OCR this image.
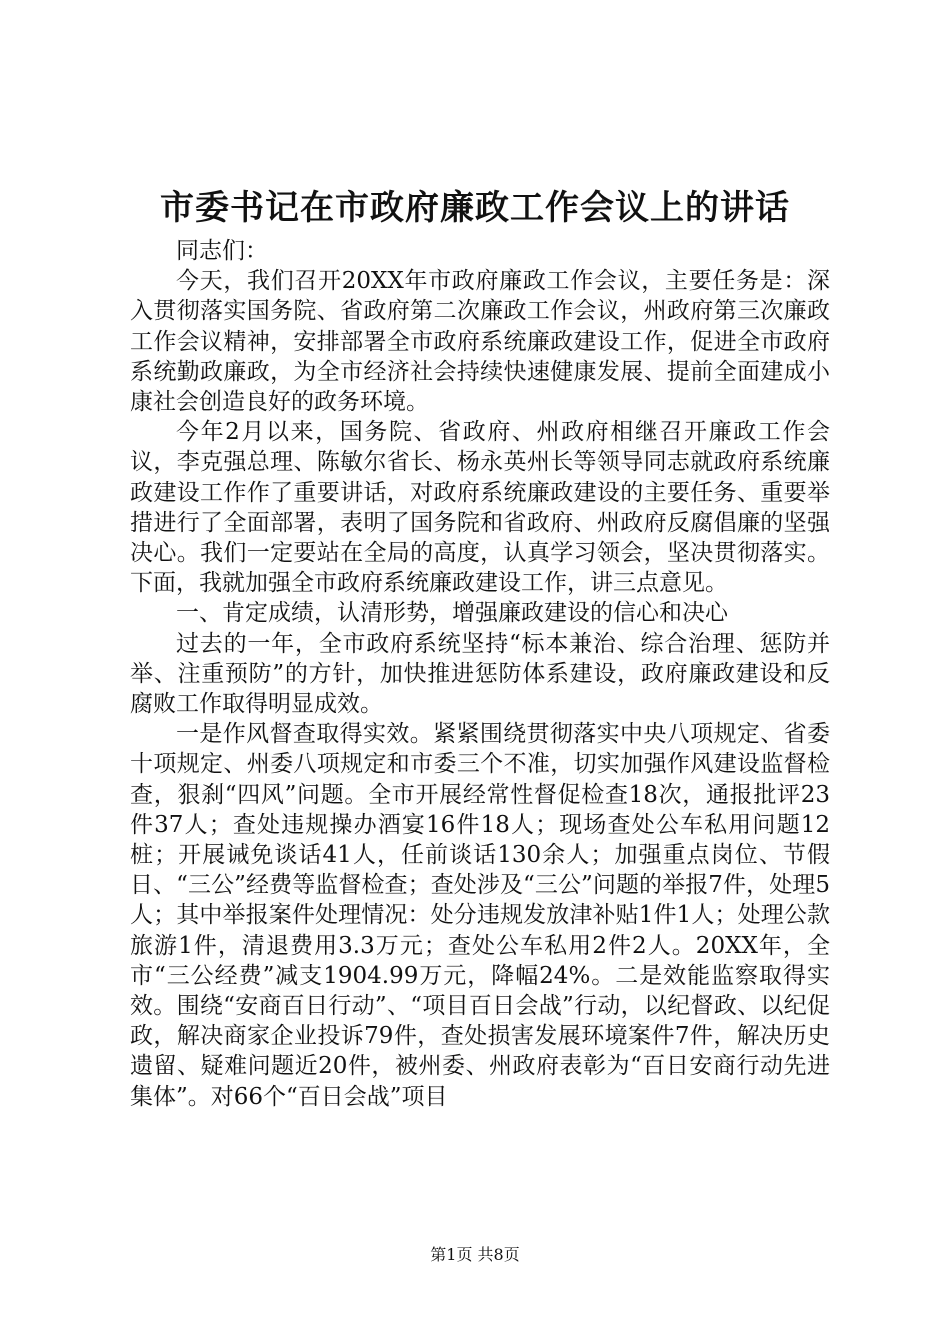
市委书记在市政府廉政工作会议上的讲话

同志们：

今天，我们召开20XX年市政府廉政工作会议，主要任务是：深入贯彻落实国务院、省政府第二次廉政工作会议，州政府第三次廉政工作会议精神，安排部署全市政府系统廉政建设工作，促进全市政府系统勤政廉政，为全市经济社会持续快速健康发展、提前全面建成小康社会创造良好的政务环境。

今年2月以来，国务院、省政府、州政府相继召开廉政工作会议，李克强总理、陈敏尔省长、杨永英州长等领导同志就政府系统廉政建设工作作了重要讲话，对政府系统廉政建设的主要任务、重要举措进行了全面部署，表明了国务院和省政府、州政府反腐倡廉的坚强决心。我们一定要站在全局的高度，认真学习领会，坚决贯彻落实。下面，我就加强全市政府系统廉政建设工作，讲三点意见。

一、肯定成绩，认清形势，增强廉政建设的信心和决心

过去的一年，全市政府系统坚持“标本兼治、综合治理、惩防并举、注重预防”的方针，加快推进惩防体系建设，政府廉政建设和反腐败工作取得明显成效。

一是作风督查取得实效。紧紧围绕贯彻落实中央八项规定、省委十项规定、州委八项规定和市委三个不准，切实加强作风建设监督检查，狠刹“四风”问题。全市开展经常性督促检查18次，通报批评23件37人；查处违规操办酒宴16件18人；现场查处公车私用问题12桩；开展诫免谈话41人，任前谈话130余人；加强重点岗位、节假日、“三公”经费等监督检查；查处涉及“三公”问题的举报7件，处理5人；其中举报案件处理情况：处分违规发放津补贴1件1人；处理公款旅游1件，清退费用3.3万元；查处公车私用2件2人。20XX年，全市“三公经费”减支1904.99万元，降幅24%。二是效能监察取得实效。围绕“安商百日行动”、“项目百日会战”行动，以纪督政、以纪促政，解决商家企业投诉79件，查处损害发展环境案件7件，解决历史遗留、疑难问题近20件，被州委、州政府表彰为“百日安商行动先进集体”。对66个“百日会战”项目

第1页 共8页
